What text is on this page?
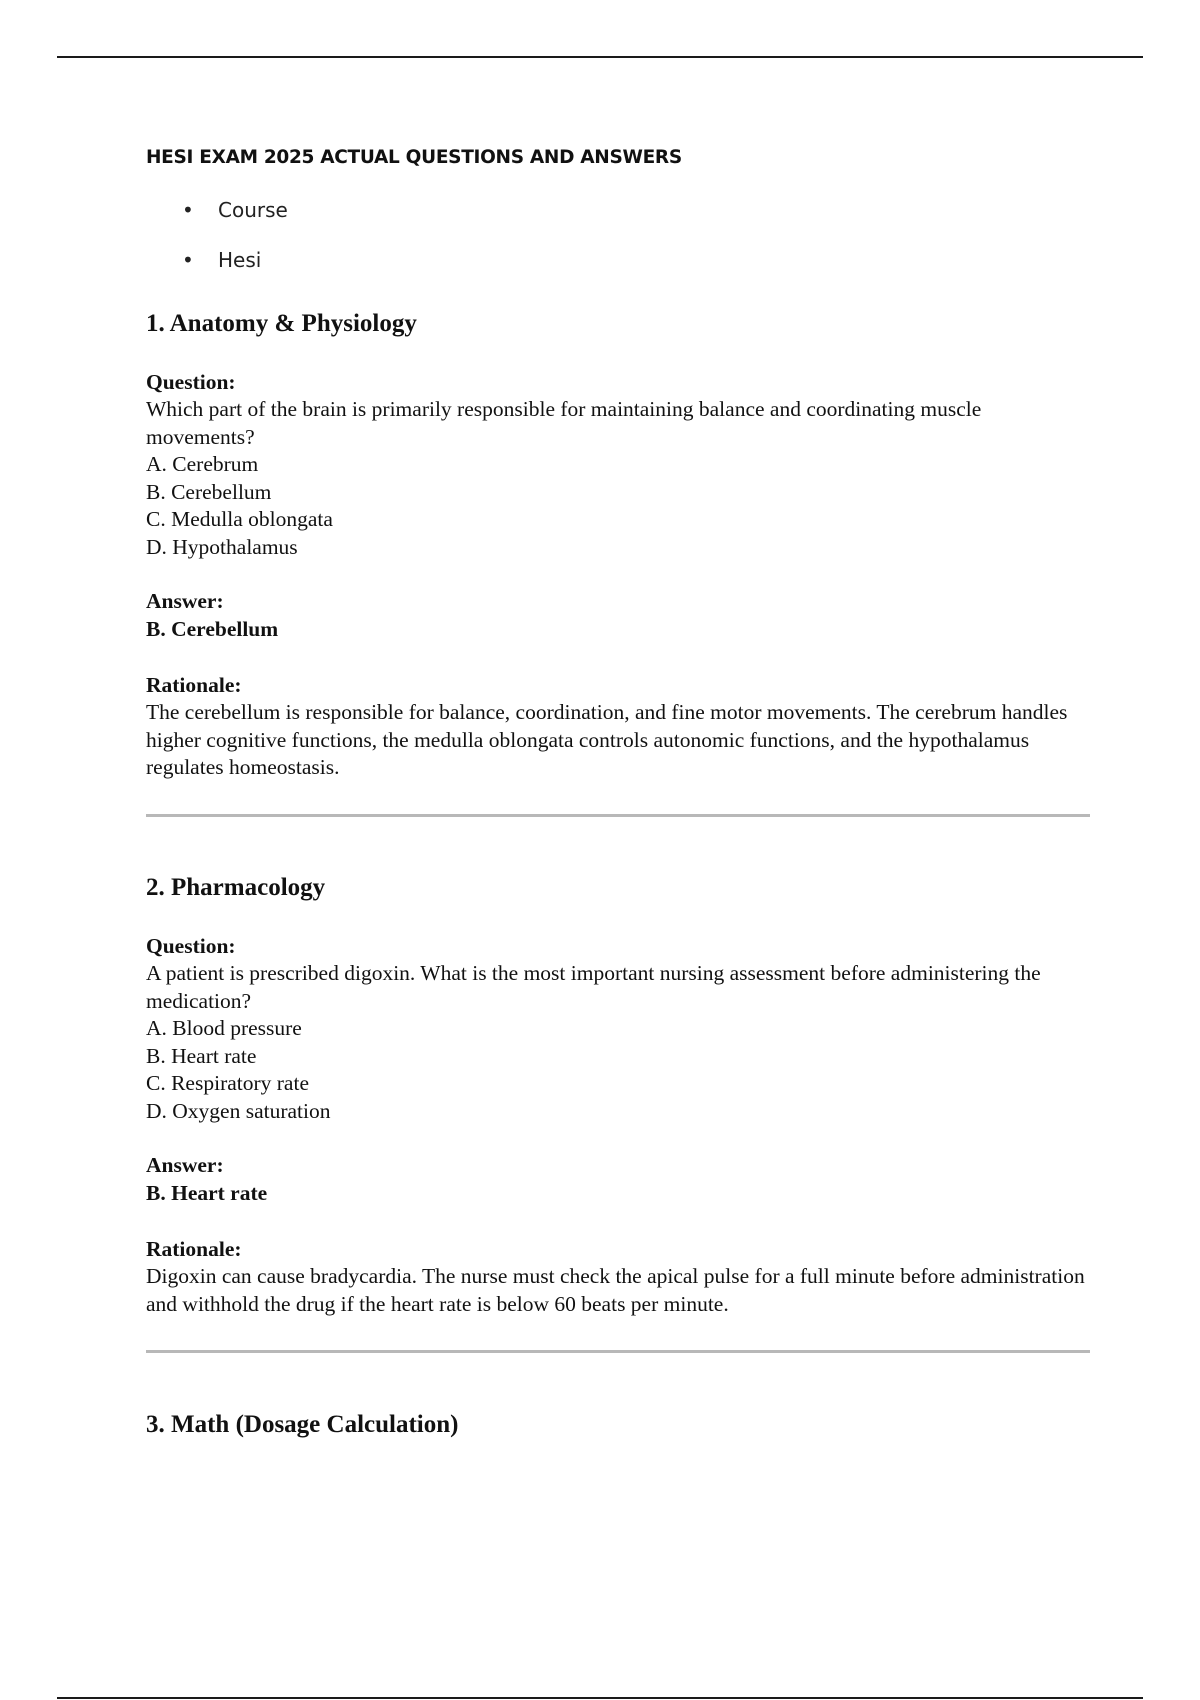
HESI EXAM 2025 ACTUAL QUESTIONS AND ANSWERS
• Course
• Hesi
1. Anatomy & Physiology
Question:
Which part of the brain is primarily responsible for maintaining balance and coordinating muscle movements?
A. Cerebrum
B. Cerebellum
C. Medulla oblongata
D. Hypothalamus
Answer:
B. Cerebellum
Rationale:
The cerebellum is responsible for balance, coordination, and fine motor movements. The cerebrum handles higher cognitive functions, the medulla oblongata controls autonomic functions, and the hypothalamus regulates homeostasis.
2. Pharmacology
Question:
A patient is prescribed digoxin. What is the most important nursing assessment before administering the medication?
A. Blood pressure
B. Heart rate
C. Respiratory rate
D. Oxygen saturation
Answer:
B. Heart rate
Rationale:
Digoxin can cause bradycardia. The nurse must check the apical pulse for a full minute before administration and withhold the drug if the heart rate is below 60 beats per minute.
3. Math (Dosage Calculation)
